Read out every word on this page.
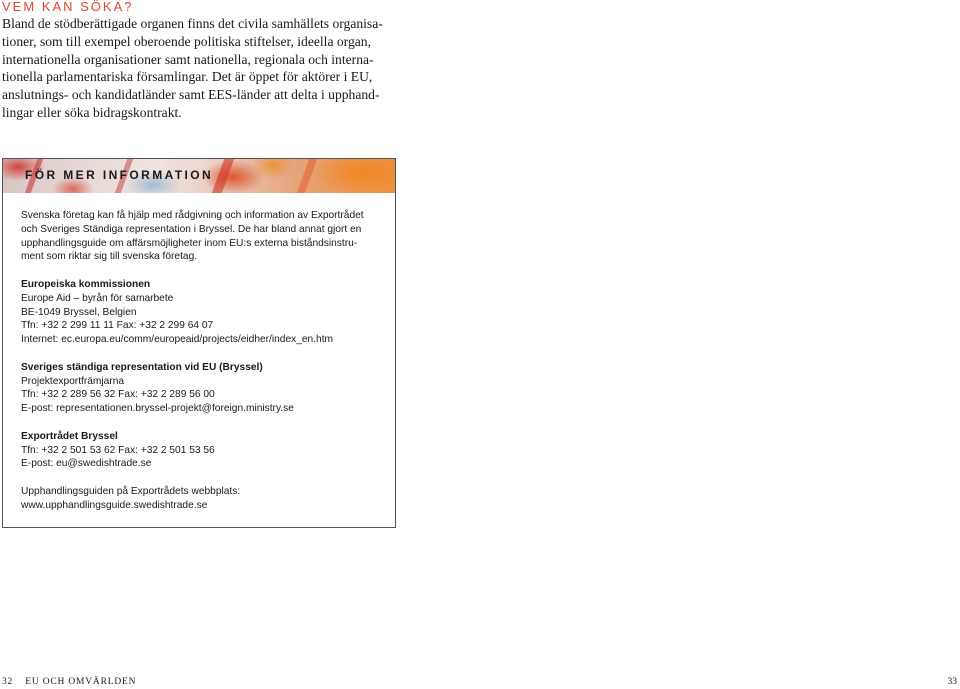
VEM KAN SÖKA?
Bland de stödberättigade organen finns det civila samhällets organisa-
tioner, som till exempel oberoende politiska stiftelser, ideella organ,
internationella organisationer samt nationella, regionala och interna-
tionella parlamentariska församlingar. Det är öppet för aktörer i EU,
anslutnings- och kandidatländer samt EES-länder att delta i upphand-
lingar eller söka bidragskontrakt.
FÖR MER INFORMATION

Svenska företag kan få hjälp med rådgivning och information av Exportrådet

och Sveriges Ständiga representation i Bryssel. De har bland annat gjort en

upphandlingsguide om affärsmöjligheter inom EU:s externa biståndsinstru-

ment som riktar sig till svenska företag.

Europeiska kommissionen

Europe Aid – byrån för samarbete

BE-1049 Bryssel, Belgien

Tfn: +32 2 299 11 11 Fax: +32 2 299 64 07

Internet: ec.europa.eu/comm/europeaid/projects/eidher/index_en.htm

Sveriges ständiga representation vid EU (Bryssel)

Projektexportfrämjarna

Tfn: +32 2 289 56 32 Fax: +32 2 289 56 00

E-post: representationen.bryssel-projekt@foreign.ministry.se

Exportrådet Bryssel

Tfn: +32 2 501 53 62 Fax: +32 2 501 53 56

E-post: eu@swedishtrade.se

Upphandlingsguiden på Exportrådets webbplats:

www.upphandlingsguide.swedishtrade.se

32 EU OCH OMVÄRLDEN	33
